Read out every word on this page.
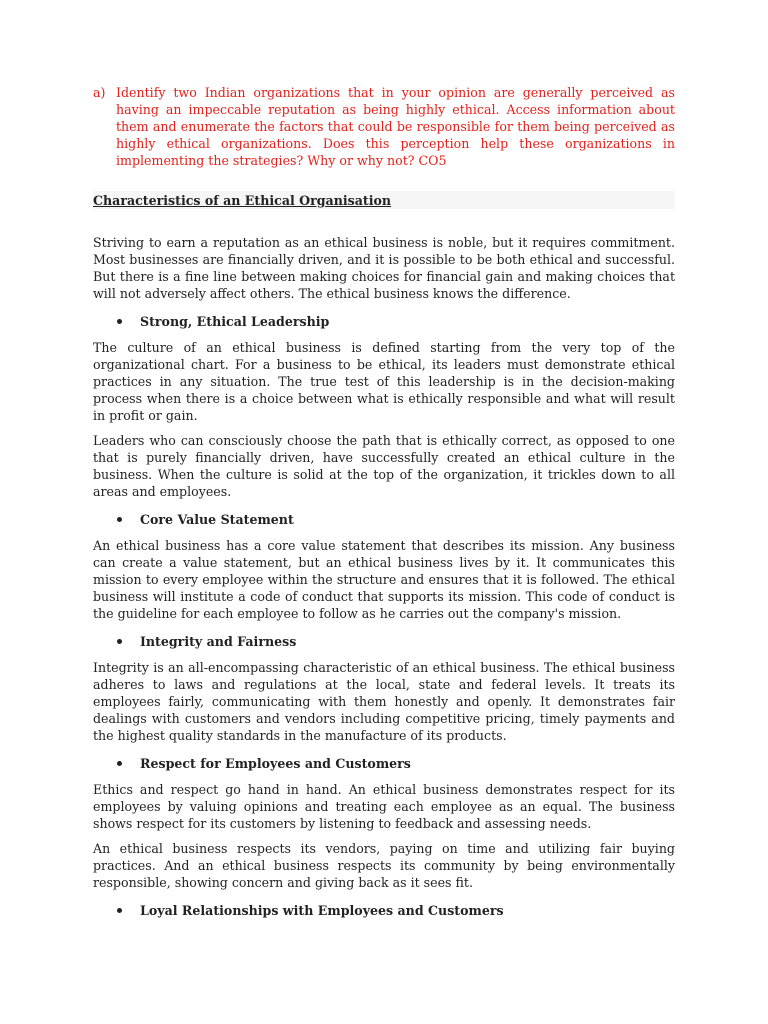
a) Identify two Indian organizations that in your opinion are generally perceived as having an impeccable reputation as being highly ethical. Access information about them and enumerate the factors that could be responsible for them being perceived as highly ethical organizations. Does this perception help these organizations in implementing the strategies? Why or why not? CO5
Characteristics of an Ethical Organisation

Striving to earn a reputation as an ethical business is noble, but it requires commitment. Most businesses are financially driven, and it is possible to be both ethical and successful. But there is a fine line between making choices for financial gain and making choices that will not adversely affect others. The ethical business knows the difference.

Strong, Ethical Leadership

The culture of an ethical business is defined starting from the very top of the organizational chart. For a business to be ethical, its leaders must demonstrate ethical practices in any situation. The true test of this leadership is in the decision-making process when there is a choice between what is ethically responsible and what will result in profit or gain.

Leaders who can consciously choose the path that is ethically correct, as opposed to one that is purely financially driven, have successfully created an ethical culture in the business. When the culture is solid at the top of the organization, it trickles down to all areas and employees.

Core Value Statement

An ethical business has a core value statement that describes its mission. Any business can create a value statement, but an ethical business lives by it. It communicates this mission to every employee within the structure and ensures that it is followed. The ethical business will institute a code of conduct that supports its mission. This code of conduct is the guideline for each employee to follow as he carries out the company's mission.

Integrity and Fairness

Integrity is an all-encompassing characteristic of an ethical business. The ethical business adheres to laws and regulations at the local, state and federal levels. It treats its employees fairly, communicating with them honestly and openly. It demonstrates fair dealings with customers and vendors including competitive pricing, timely payments and the highest quality standards in the manufacture of its products.

Respect for Employees and Customers

Ethics and respect go hand in hand. An ethical business demonstrates respect for its employees by valuing opinions and treating each employee as an equal. The business shows respect for its customers by listening to feedback and assessing needs.

An ethical business respects its vendors, paying on time and utilizing fair buying practices. And an ethical business respects its community by being environmentally responsible, showing concern and giving back as it sees fit.

Loyal Relationships with Employees and Customers
